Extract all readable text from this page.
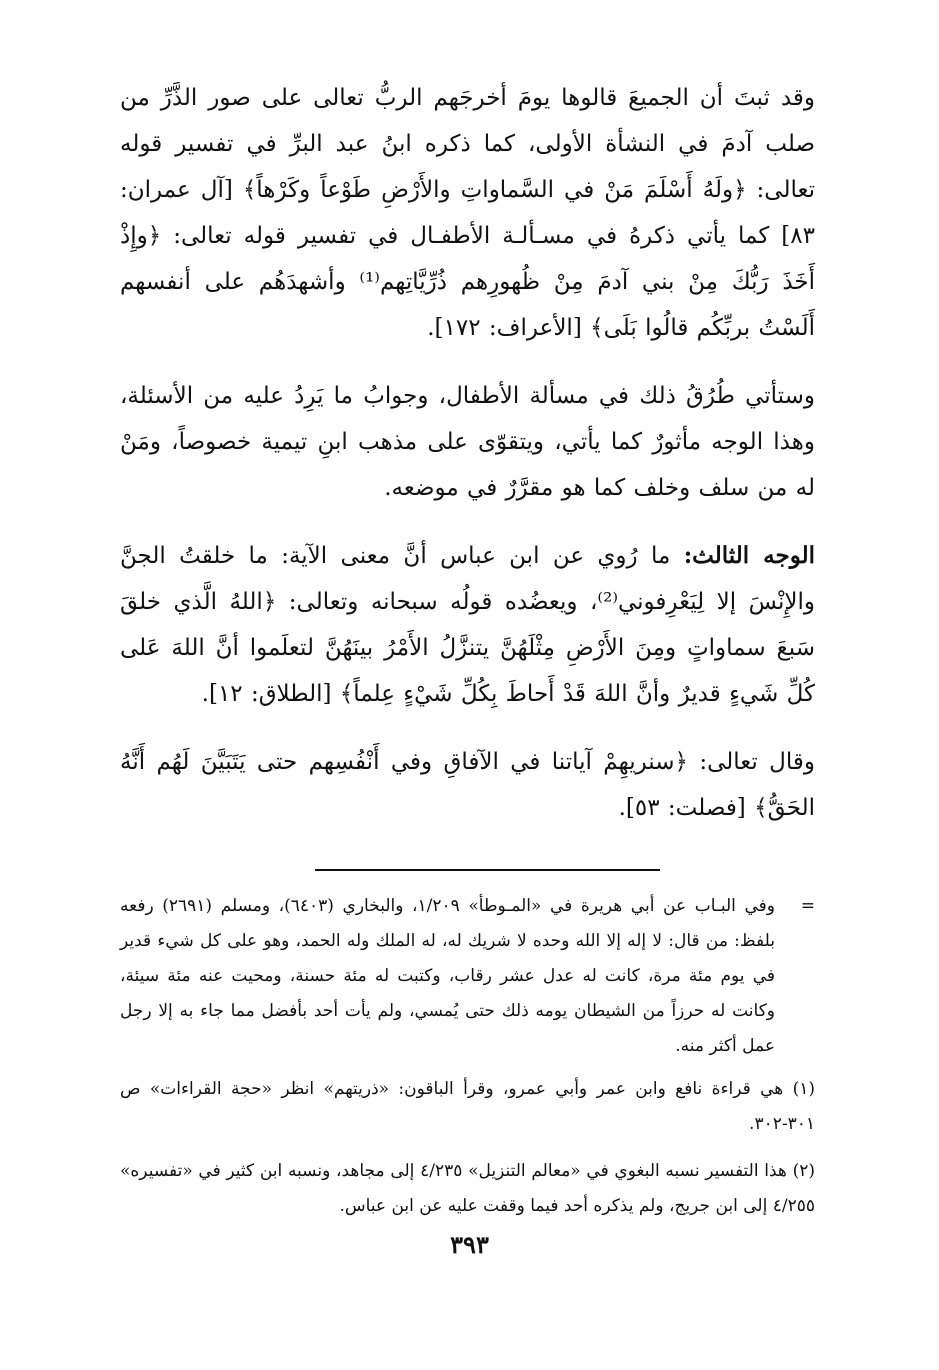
وقد ثبتَ أن الجميعَ قالوها يومَ أخرجَهم الربُّ تعالى على صور الذَّرِّ من صلب آدمَ في النشأة الأولى، كما ذكره ابنُ عبد البرِّ في تفسير قوله تعالى: ﴿ولَهُ أَسْلَمَ مَنْ في السَّماواتِ والأَرْضِ طَوْعاً وكَرْهاً﴾ [آل عمران: ٨٣] كما يأتي ذكرهُ في مسـألـة الأطفـال في تفسير قوله تعالى: ﴿وإِذْ أَخَذَ رَبُّكَ مِنْ بني آدمَ مِنْ ظُهورِهم ذُرِّيَّاتِهم⁽¹⁾ وأشهدَهُم على أنفسهم أَلَسْتُ بربِّكُم قالُوا بَلَى﴾ [الأعراف: ١٧٢].

وستأتي طُرُقُ ذلك في مسألة الأطفال، وجوابُ ما يَرِدُ عليه من الأسئلة، وهذا الوجه مأثورٌ كما يأتي، ويتقوّى على مذهب ابنِ تيمية خصوصاً، ومَنْ له من سلف وخلف كما هو مقرَّرٌ في موضعه.

الوجه الثالث: ما رُوي عن ابن عباس أنَّ معنى الآية: ما خلقتُ الجنَّ والإِنْسَ إلا لِيَعْرِفوني⁽²⁾، ويعضُده قولُه سبحانه وتعالى: ﴿اللهُ الَّذي خلقَ سَبعَ سماواتٍ ومِنَ الأَرْضِ مِثْلَهُنَّ يتنزَّلُ الأَمْرُ بينَهُنَّ لتعلَموا أنَّ اللهَ عَلى كُلِّ شَيءٍ قديرٌ وأنَّ اللهَ قَدْ أَحاطَ بِكُلِّ شَيْءٍ عِلماً﴾ [الطلاق: ١٢].

وقال تعالى: ﴿سنريهِمْ آياتنا في الآفاقِ وفي أَنْفُسِهم حتى يَتَبَيَّنَ لَهُم أَنَّهُ الحَقُّ﴾ [فصلت: ٥٣].

=
وفي البـاب عن أبي هريرة في «المـوطأ» ١/٢٠٩، والبخاري (٦٤٠٣)، ومسلم (٢٦٩١) رفعه بلفظ: من قال: لا إله إلا الله وحده لا شريك له، له الملك وله الحمد، وهو على كل شيء قدير في يوم مئة مرة، كانت له عدل عشر رقاب، وكتبت له مئة حسنة، ومحيت عنه مئة سيئة، وكانت له حرزاً من الشيطان يومه ذلك حتى يُمسي، ولم يأت أحد بأفضل مما جاء به إلا رجل عمل أكثر منه.

(١) هي قراءة نافع وابن عمر وأبي عمرو، وقرأ الباقون: «ذريتهم» انظر «حجة القراءات» ص ٣٠١-٣٠٢.

(٢) هذا التفسير نسبه البغوي في «معالم التنزيل» ٤/٢٣٥ إلى مجاهد، ونسبه ابن كثير في «تفسيره» ٤/٢٥٥ إلى ابن جريج، ولم يذكره أحد فيما وقفت عليه عن ابن عباس.

٣٩٣
